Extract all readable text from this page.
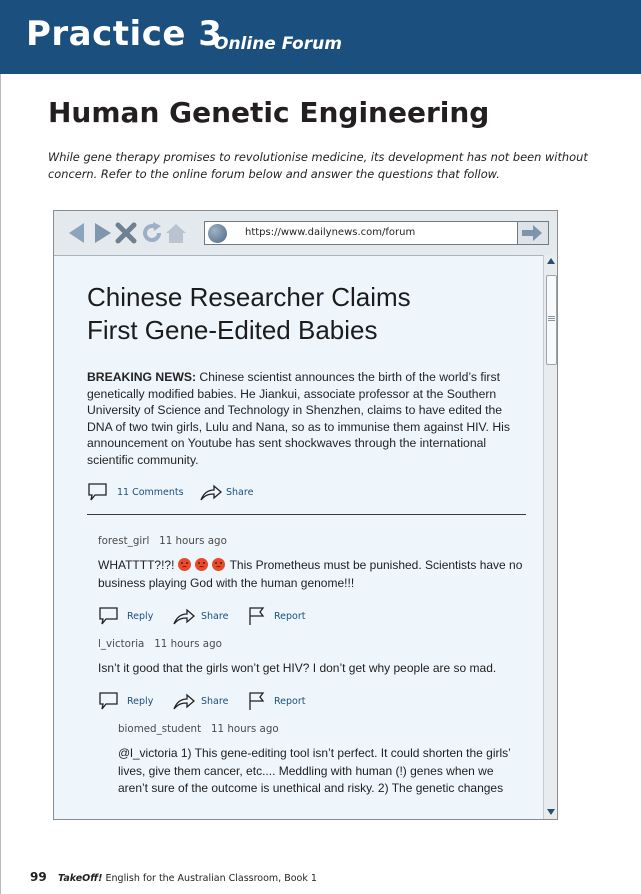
Practice 3
Online Forum
Human Genetic Engineering
While gene therapy promises to revolutionise medicine, its development has not been without concern. Refer to the online forum below and answer the questions that follow.
https://www.dailynews.com/forum
Chinese Researcher Claims
First Gene-Edited Babies
BREAKING NEWS: Chinese scientist announces the birth of the world’s first genetically modified babies. He Jiankui, associate professor at the Southern University of Science and Technology in Shenzhen, claims to have edited the DNA of two twin girls, Lulu and Nana, so as to immunise them against HIV. His announcement on Youtube has sent shockwaves through the international scientific community.
11 Comments	Share
forest_girl 11 hours ago
WHATTTT?!?!	This Prometheus must be punished. Scientists have no business playing God with the human genome!!!
Reply	Share	Report
l_victoria 11 hours ago
Isn’t it good that the girls won’t get HIV? I don’t get why people are so mad.
Reply	Share	Report
biomed_student 11 hours ago
@l_victoria 1) This gene-editing tool isn’t perfect. It could shorten the girls’ lives, give them cancer, etc.... Meddling with human (!) genes when we aren’t sure of the outcome is unethical and risky. 2) The genetic changes
99 TakeOff! English for the Australian Classroom, Book 1
